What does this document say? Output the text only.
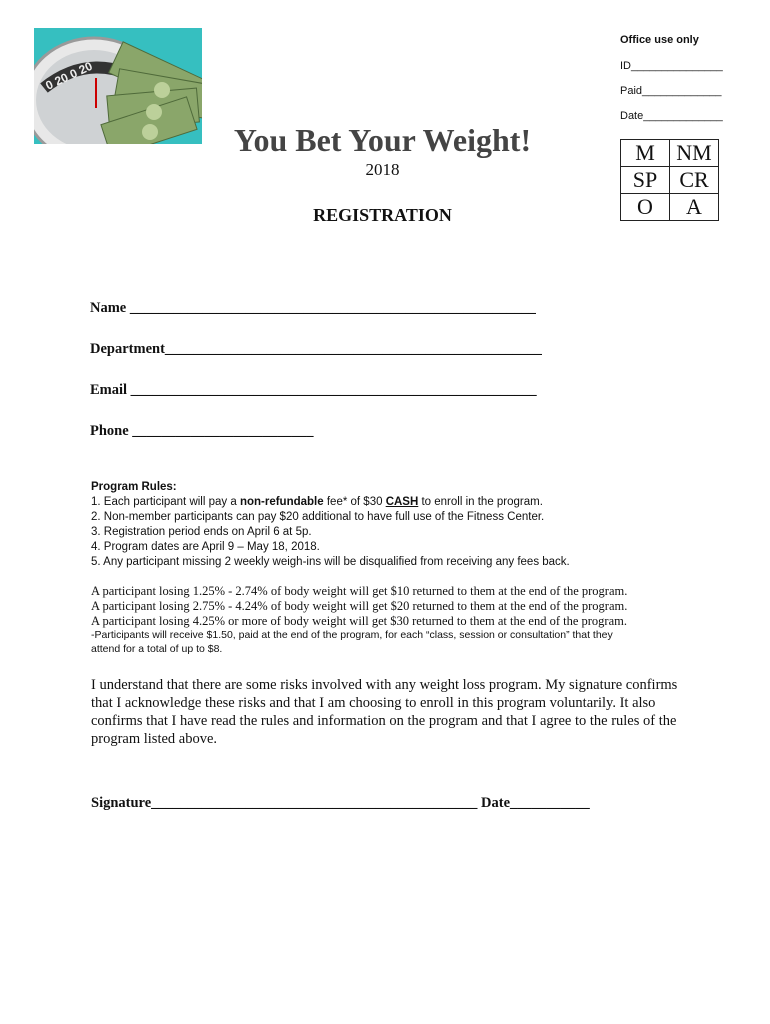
0 20 0 20
Office use only
ID_______________
Paid_____________
Date_____________
M	NM
SP	CR
O	A
You Bet Your Weight!
2018
REGISTRATION
Name ________________________________________________________
Department____________________________________________________
Email ________________________________________________________
Phone _________________________
Program Rules:
1. Each participant will pay a non-refundable fee* of $30 CASH to enroll in the program.
2. Non-member participants can pay $20 additional to have full use of the Fitness Center.
3. Registration period ends on April 6 at 5p.
4. Program dates are April 9 – May 18, 2018.
5. Any participant missing 2 weekly weigh-ins will be disqualified from receiving any fees back.
A participant losing 1.25% - 2.74% of body weight will get $10 returned to them at the end of the program.
A participant losing 2.75% - 4.24% of body weight will get $20 returned to them at the end of the program.
A participant losing 4.25% or more of body weight will get $30 returned to them at the end of the program.
-Participants will receive $1.50, paid at the end of the program, for each “class, session or consultation” that they
attend for a total of up to $8.
I understand that there are some risks involved with any weight loss program. My signature confirms that I acknowledge these risks and that I am choosing to enroll in this program voluntarily. It also confirms that I have read the rules and information on the program and that I agree to the rules of the program listed above.
Signature_____________________________________________ Date___________
